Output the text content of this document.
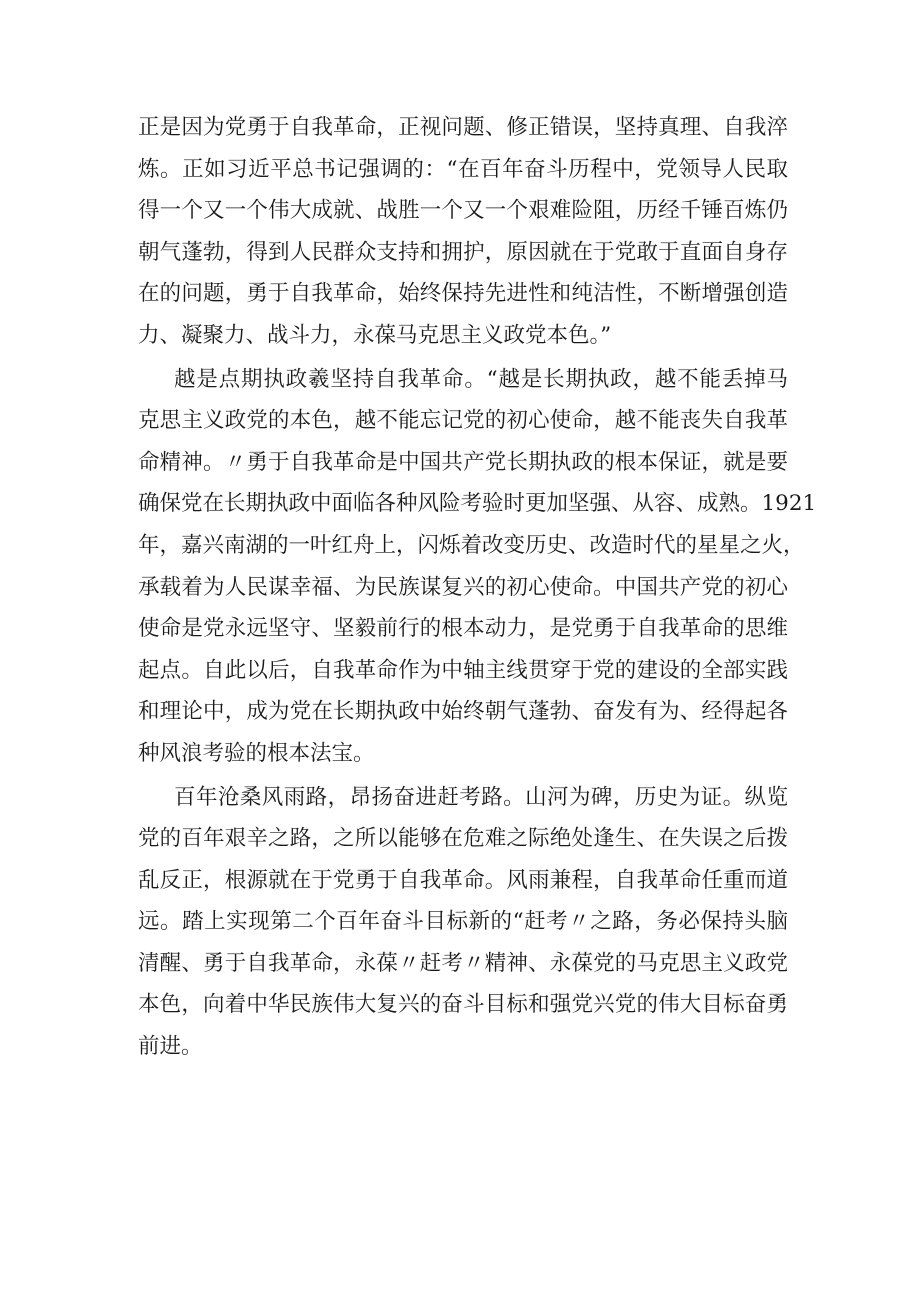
正是因为党勇于自我革命，正视问题、修正错误，坚持真理、自我淬
炼。正如习近平总书记强调的：“在百年奋斗历程中，党领导人民取
得一个又一个伟大成就、战胜一个又一个艰难险阻，历经千锤百炼仍
朝气蓬勃，得到人民群众支持和拥护，原因就在于党敢于直面自身存
在的问题，勇于自我革命，始终保持先进性和纯洁性，不断增强创造
力、凝聚力、战斗力，永葆马克思主义政党本色。”
越是点期执政羲坚持自我革命。“越是长期执政，越不能丢掉马
克思主义政党的本色，越不能忘记党的初心使命，越不能丧失自我革
命精神。〃勇于自我革命是中国共产党长期执政的根本保证，就是要
确保党在长期执政中面临各种风险考验时更加坚强、从容、成熟。1921
年，嘉兴南湖的一叶红舟上，闪烁着改变历史、改造时代的星星之火，
承载着为人民谋幸福、为民族谋复兴的初心使命。中国共产党的初心
使命是党永远坚守、坚毅前行的根本动力，是党勇于自我革命的思维
起点。自此以后，自我革命作为中轴主线贯穿于党的建设的全部实践
和理论中，成为党在长期执政中始终朝气蓬勃、奋发有为、经得起各
种风浪考验的根本法宝。
百年沧桑风雨路，昂扬奋进赶考路。山河为碑，历史为证。纵览
党的百年艰辛之路，之所以能够在危难之际绝处逢生、在失误之后拨
乱反正，根源就在于党勇于自我革命。风雨兼程，自我革命任重而道
远。踏上实现第二个百年奋斗目标新的“赶考〃之路，务必保持头脑
清醒、勇于自我革命，永葆〃赶考〃精神、永葆党的马克思主义政党
本色，向着中华民族伟大复兴的奋斗目标和强党兴党的伟大目标奋勇
前进。
